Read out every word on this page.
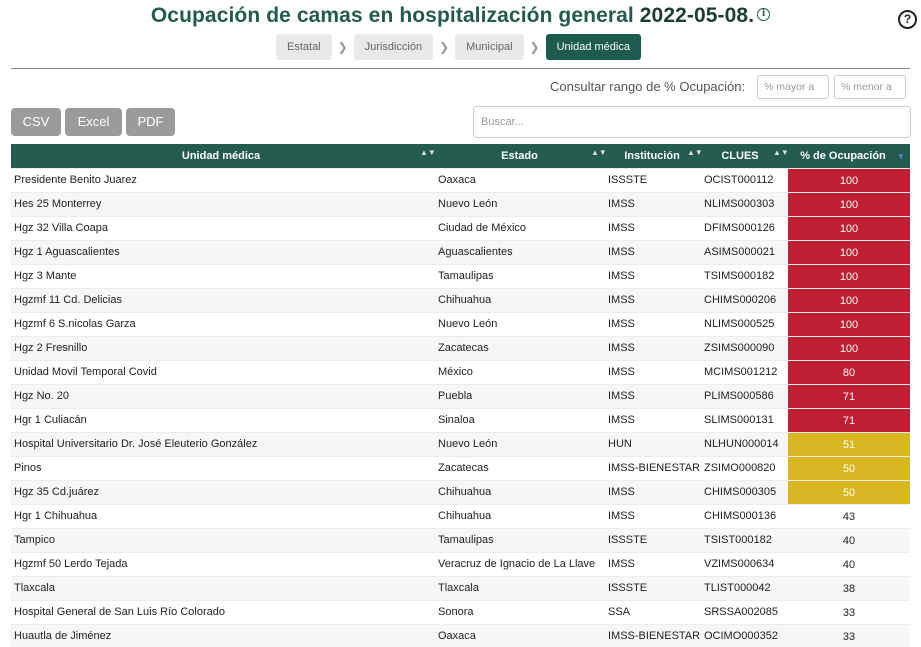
Ocupación de camas en hospitalización general 2022-05-08. i	?
Estatal	❯	Jurisdicción	❯	Municipal	❯	Unidad médica
Consultar rango de % Ocupación:	% mayor a	% menor a
CSV	Excel	PDF	Buscar...
Unidad médica	▲▼	Estado	▲▼	Institución ▲▼	CLUES	▲▼	% de Ocupación	▼
Presidente Benito Juarez	Oaxaca	ISSSTE	OCIST000112	100
Hes 25 Monterrey	Nuevo León	IMSS	NLIMS000303	100
Hgz 32 Villa Coapa	Ciudad de México	IMSS	DFIMS000126	100
Hgz 1 Aguascalientes	Aguascalientes	IMSS	ASIMS000021	100
Hgz 3 Mante	Tamaulipas	IMSS	TSIMS000182	100
Hgzmf 11 Cd. Delicias	Chihuahua	IMSS	CHIMS000206	100
Hgzmf 6 S.nicolas Garza	Nuevo León	IMSS	NLIMS000525	100
Hgz 2 Fresnillo	Zacatecas	IMSS	ZSIMS000090	100
Unidad Movil Temporal Covid	México	IMSS	MCIMS001212	80
Hgz No. 20	Puebla	IMSS	PLIMS000586	71
Hgr 1 Culiacán	Sinaloa	IMSS	SLIMS000131	71
Hospital Universitario Dr. José Eleuterio González	Nuevo León	HUN	NLHUN000014	51
Pinos	Zacatecas	IMSS-BIENESTAR ZSIMO000820	50
Hgz 35 Cd.juárez	Chihuahua	IMSS	CHIMS000305	50
Hgr 1 Chihuahua	Chihuahua	IMSS	CHIMS000136	43
Tampico	Tamaulipas	ISSSTE	TSIST000182	40
Hgzmf 50 Lerdo Tejada	Veracruz de Ignacio de La Llave	IMSS	VZIMS000634	40
Tlaxcala	Tlaxcala	ISSSTE	TLIST000042	38
Hospital General de San Luis Río Colorado	Sonora	SSA	SRSSA002085	33
Huautla de Jiménez	Oaxaca	IMSS-BIENESTAR OCIMO000352	33
